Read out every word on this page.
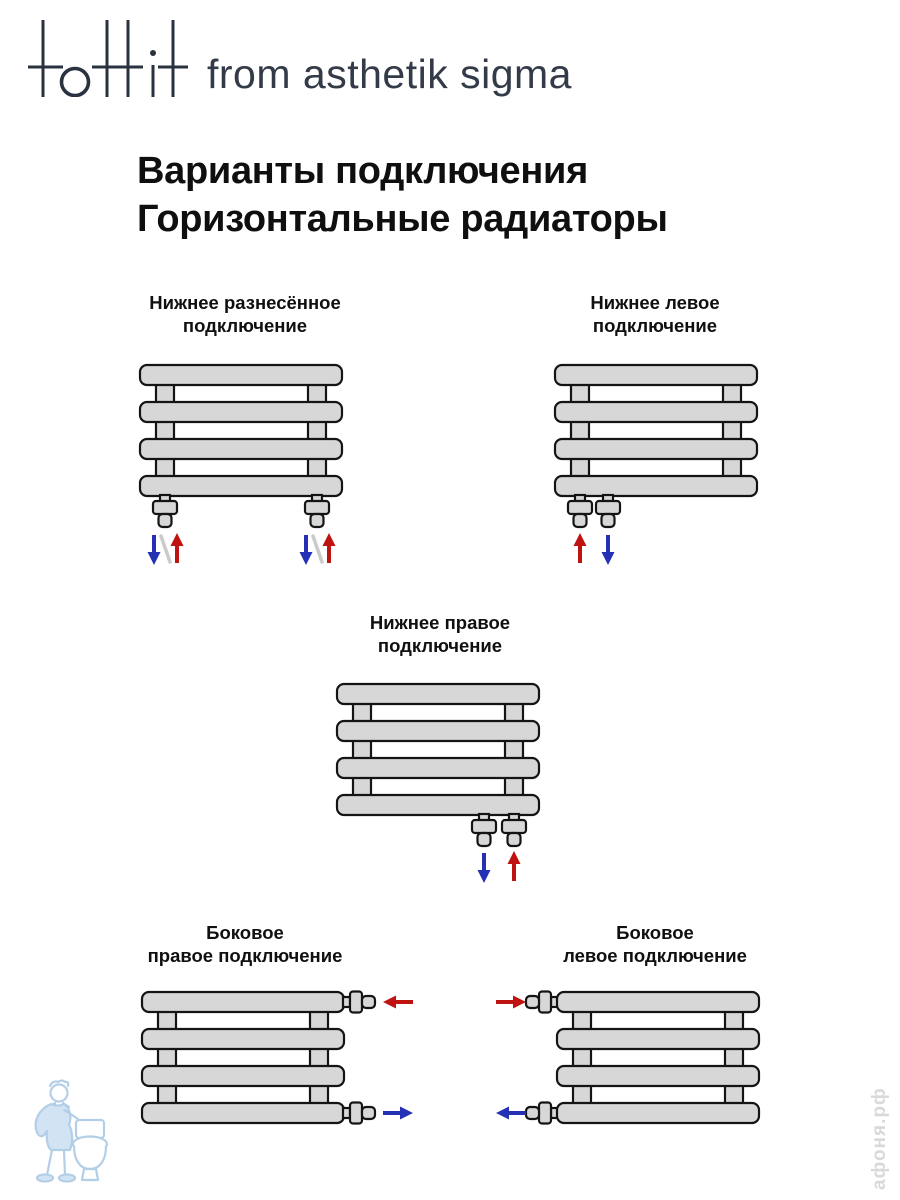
from asthetik sigma
Варианты подключения
Горизонтальные радиаторы
Нижнее разнесённое
подключение
Нижнее левое
подключение
Нижнее правое
подключение
Боковое
правое подключение
Боковое
левое подключение
афоня.рф
